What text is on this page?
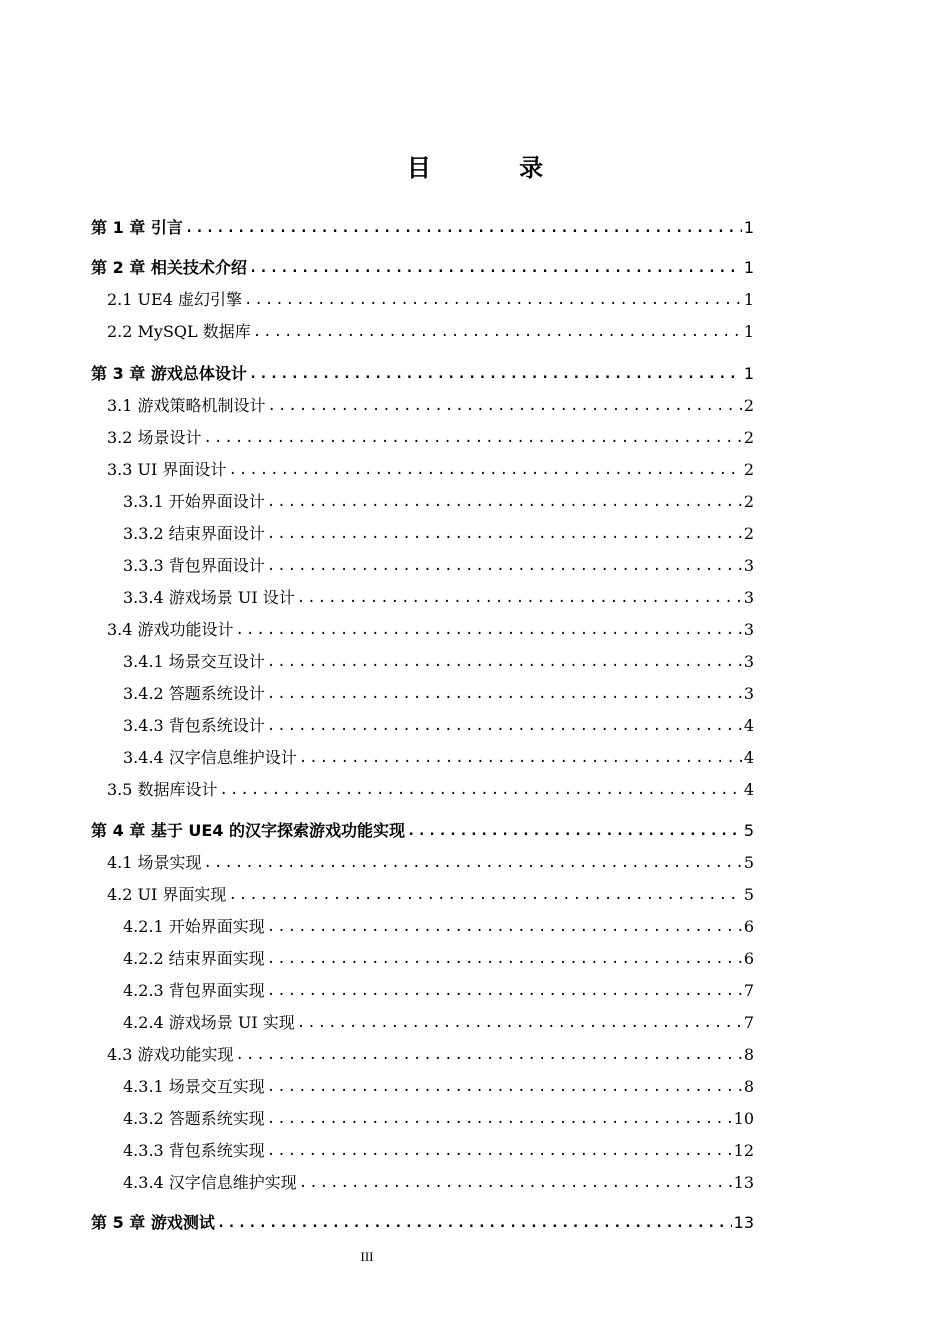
目 录
第 1 章 引言 .....	1
第 2 章 相关技术介绍 .....	1
2.1 UE4 虚幻引擎 .....	1
2.2 MySQL 数据库 .....	1
第 3 章 游戏总体设计 .....	1
3.1 游戏策略机制设计 .....	2
3.2 场景设计 .....	2
3.3 UI 界面设计 .....	2
3.3.1 开始界面设计 .....	2
3.3.2 结束界面设计 .....	2
3.3.3 背包界面设计 .....	3
3.3.4 游戏场景 UI 设计 .....	3
3.4 游戏功能设计 .....	3
3.4.1 场景交互设计 .....	3
3.4.2 答题系统设计 .....	3
3.4.3 背包系统设计 .....	4
3.4.4 汉字信息维护设计 .....	4
3.5 数据库设计 .....	4
第 4 章 基于 UE4 的汉字探索游戏功能实现 .....	5
4.1 场景实现 .....	5
4.2 UI 界面实现 .....	5
4.2.1 开始界面实现 .....	6
4.2.2 结束界面实现 .....	6
4.2.3 背包界面实现 .....	7
4.2.4 游戏场景 UI 实现 .....	7
4.3 游戏功能实现 .....	8
4.3.1 场景交互实现 .....	8
4.3.2 答题系统实现 .....	10
4.3.3 背包系统实现 .....	12
4.3.4 汉字信息维护实现 .....	13
第 5 章 游戏测试 .....	13
III
